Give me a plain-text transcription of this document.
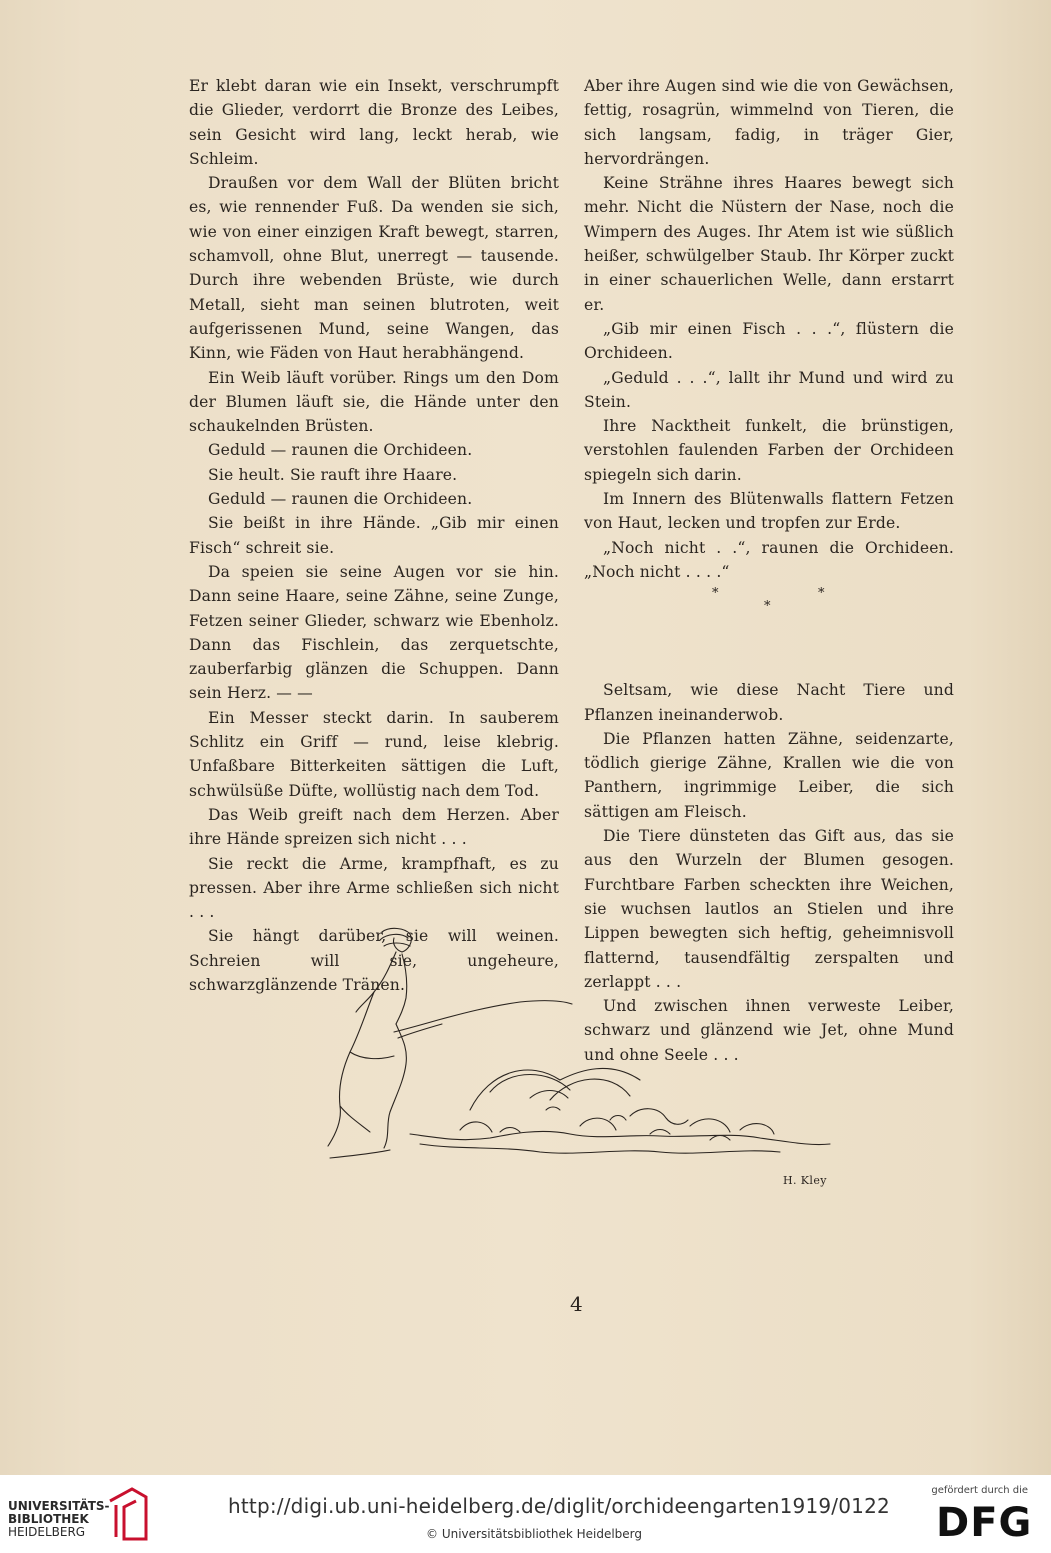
Er klebt daran wie ein Insekt, verschrumpft die Glieder, verdorrt die Bronze des Leibes, sein Gesicht wird lang, leckt herab, wie Schleim.

Draußen vor dem Wall der Blüten bricht es, wie rennender Fuß. Da wenden sie sich, wie von einer einzigen Kraft bewegt, starren, schamvoll, ohne Blut, unerregt — tausende. Durch ihre webenden Brüste, wie durch Metall, sieht man seinen blutroten, weit aufgerissenen Mund, seine Wangen, das Kinn, wie Fäden von Haut herabhängend.

Ein Weib läuft vorüber. Rings um den Dom der Blumen läuft sie, die Hände unter den schaukelnden Brüsten.

Geduld — raunen die Orchideen.

Sie heult. Sie rauft ihre Haare.

Geduld — raunen die Orchideen.

Sie beißt in ihre Hände. „Gib mir einen Fisch“ schreit sie.

Da speien sie seine Augen vor sie hin. Dann seine Haare, seine Zähne, seine Zunge, Fetzen seiner Glieder, schwarz wie Ebenholz. Dann das Fischlein, das zerquetschte, zauberfarbig glänzen die Schuppen. Dann sein Herz. — —

Ein Messer steckt darin. In sauberem Schlitz ein Griff — rund, leise klebrig. Unfaßbare Bitterkeiten sättigen die Luft, schwülsüße Düfte, wollüstig nach dem Tod.

Das Weib greift nach dem Herzen. Aber ihre Hände spreizen sich nicht . . .

Sie reckt die Arme, krampfhaft, es zu pressen. Aber ihre Arme schließen sich nicht . . .

Sie hängt darüber, sie will weinen. Schreien will sie, ungeheure, schwarzglänzende Tränen.

Aber ihre Augen sind wie die von Gewächsen, fettig, rosagrün, wimmelnd von Tieren, die sich langsam, fadig, in träger Gier, hervordrängen.

Keine Strähne ihres Haares bewegt sich mehr. Nicht die Nüstern der Nase, noch die Wimpern des Auges. Ihr Atem ist wie süßlich heißer, schwülgelber Staub. Ihr Körper zuckt in einer schauerlichen Welle, dann erstarrt er.

„Gib mir einen Fisch . . .“, flüstern die Orchideen.

„Geduld . . .“, lallt ihr Mund und wird zu Stein.

Ihre Nacktheit funkelt, die brünstigen, verstohlen faulenden Farben der Orchideen spiegeln sich darin.

Im Innern des Blütenwalls flattern Fetzen von Haut, lecken und tropfen zur Erde.

„Noch nicht . .“, raunen die Orchideen. „Noch nicht . . . .“

*
*
*

Seltsam, wie diese Nacht Tiere und Pflanzen ineinanderwob.

Die Pflanzen hatten Zähne, seidenzarte, tödlich gierige Zähne, Krallen wie die von Panthern, ingrimmige Leiber, die sich sättigen am Fleisch.

Die Tiere dünsteten das Gift aus, das sie aus den Wurzeln der Blumen gesogen. Furchtbare Farben scheckten ihre Weichen, sie wuchsen lautlos an Stielen und ihre Lippen bewegten sich heftig, geheimnisvoll flatternd, tausendfältig zerspalten und zerlappt . . .

Und zwischen ihnen verweste Leiber, schwarz und glänzend wie Jet, ohne Mund und ohne Seele . . .

H. Kley
4
UNIVERSITÄTS-
BIBLIOTHEK
HEIDELBERG
http://digi.ub.uni-heidelberg.de/diglit/orchideengarten1919/0122
© Universitätsbibliothek Heidelberg
gefördert durch die
DFG
